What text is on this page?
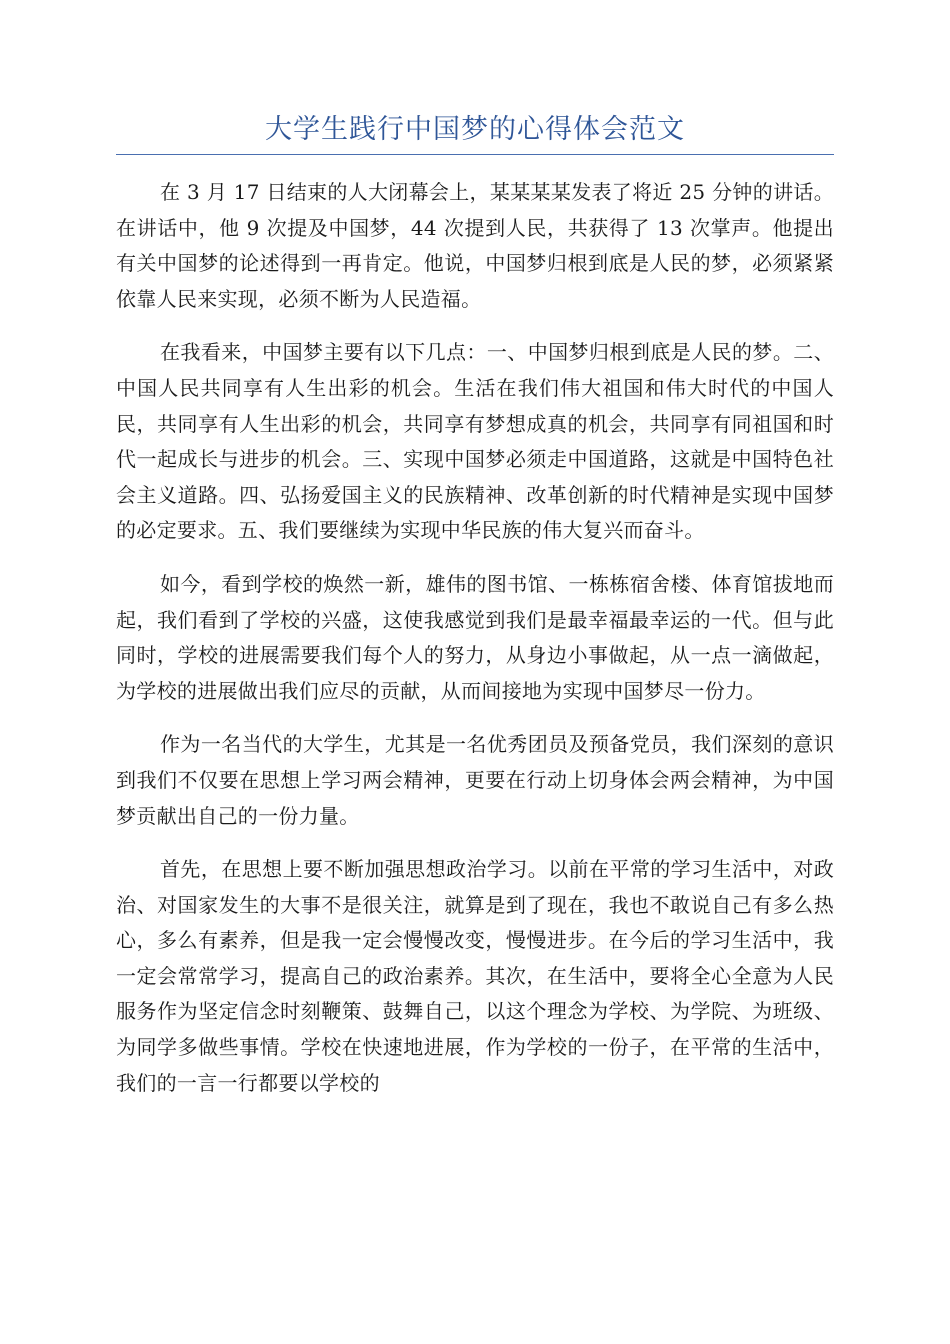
大学生践行中国梦的心得体会范文

在 3 月 17 日结束的人大闭幕会上，某某某某发表了将近 25 分钟的讲话。在讲话中，他 9 次提及中国梦，44 次提到人民，共获得了 13 次掌声。他提出有关中国梦的论述得到一再肯定。他说，中国梦归根到底是人民的梦，必须紧紧依靠人民来实现，必须不断为人民造福。

在我看来，中国梦主要有以下几点：一、中国梦归根到底是人民的梦。二、中国人民共同享有人生出彩的机会。生活在我们伟大祖国和伟大时代的中国人民，共同享有人生出彩的机会，共同享有梦想成真的机会，共同享有同祖国和时代一起成长与进步的机会。三、实现中国梦必须走中国道路，这就是中国特色社会主义道路。四、弘扬爱国主义的民族精神、改革创新的时代精神是实现中国梦的必定要求。五、我们要继续为实现中华民族的伟大复兴而奋斗。

如今，看到学校的焕然一新，雄伟的图书馆、一栋栋宿舍楼、体育馆拔地而起，我们看到了学校的兴盛，这使我感觉到我们是最幸福最幸运的一代。但与此同时，学校的进展需要我们每个人的努力，从身边小事做起，从一点一滴做起，为学校的进展做出我们应尽的贡献，从而间接地为实现中国梦尽一份力。

作为一名当代的大学生，尤其是一名优秀团员及预备党员，我们深刻的意识到我们不仅要在思想上学习两会精神，更要在行动上切身体会两会精神，为中国梦贡献出自己的一份力量。

首先，在思想上要不断加强思想政治学习。以前在平常的学习生活中，对政治、对国家发生的大事不是很关注，就算是到了现在，我也不敢说自己有多么热心，多么有素养，但是我一定会慢慢改变，慢慢进步。在今后的学习生活中，我一定会常常学习，提高自己的政治素养。其次，在生活中，要将全心全意为人民服务作为坚定信念时刻鞭策、鼓舞自己，以这个理念为学校、为学院、为班级、为同学多做些事情。学校在快速地进展，作为学校的一份子，在平常的生活中，我们的一言一行都要以学校的
